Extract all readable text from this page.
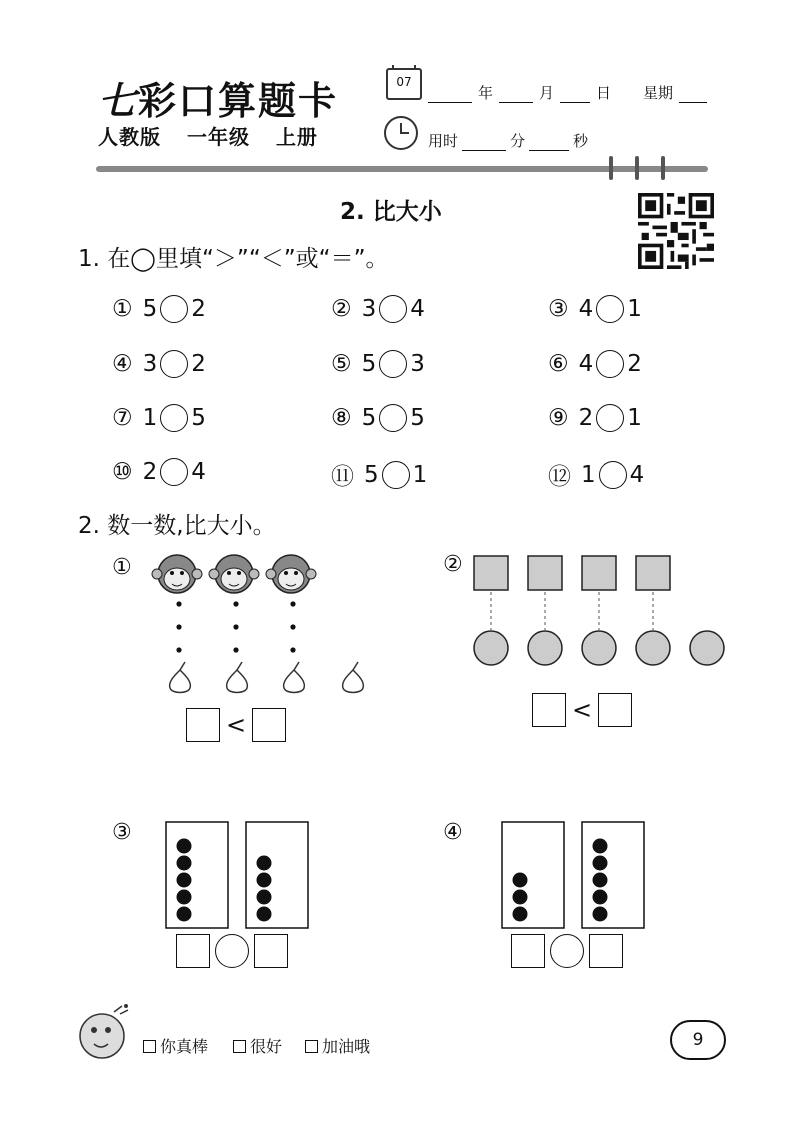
七彩口算题卡
人教版 一年级 上册
07
年	月	日 星期
用时	分	秒
2. 比大小
1. 在◯里填“＞”“＜”或“＝”。
① 5 2	② 3 4	③ 4 1
④ 3 2	⑤ 5 3	⑥ 4 2
⑦ 1 5	⑧ 5 5	⑨ 2 1
⑩ 2 4	⑪ 5 1	⑫ 1 4
2. 数一数,比大小。
①
<
②
<
③	④
你真棒	很好	加油哦	9
